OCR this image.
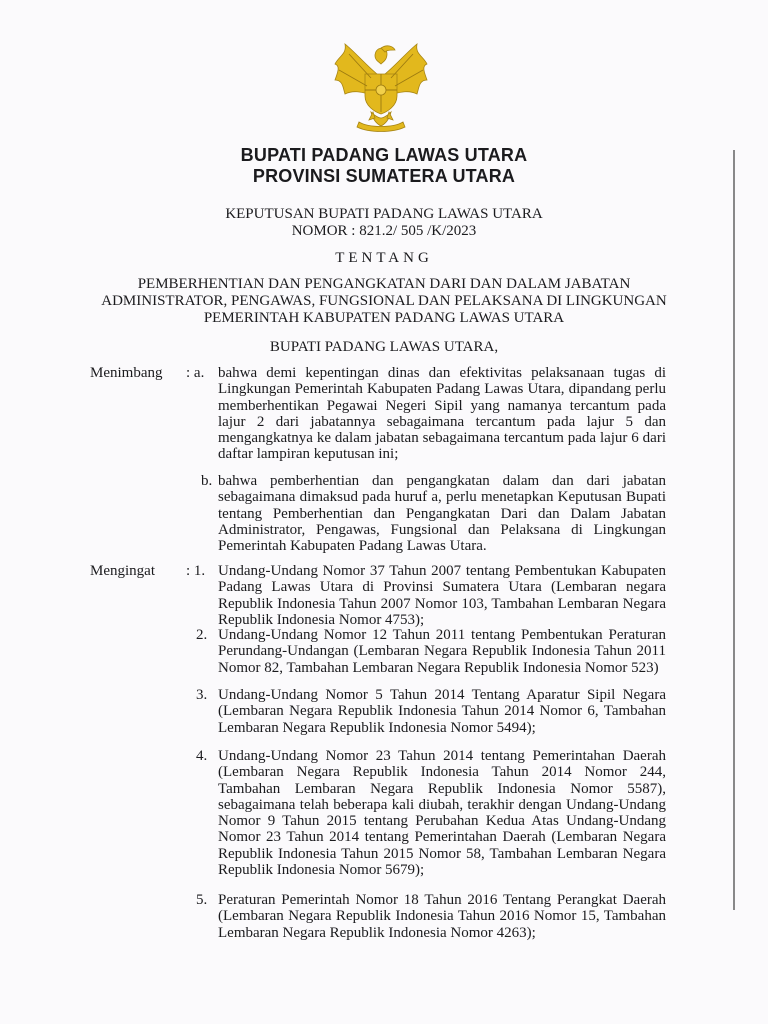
BUPATI PADANG LAWAS UTARA
PROVINSI SUMATERA UTARA
KEPUTUSAN BUPATI PADANG LAWAS UTARA
NOMOR : 821.2/ 505 /K/2023
TENTANG
PEMBERHENTIAN DAN PENGANGKATAN DARI DAN DALAM JABATAN
ADMINISTRATOR, PENGAWAS, FUNGSIONAL DAN PELAKSANA DI LINGKUNGAN
PEMERINTAH KABUPATEN PADANG LAWAS UTARA
BUPATI PADANG LAWAS UTARA,
Menimbang : a. bahwa demi kepentingan dinas dan efektivitas pelaksanaan tugas di Lingkungan Pemerintah Kabupaten Padang Lawas Utara, dipandang perlu memberhentikan Pegawai Negeri Sipil yang namanya tercantum pada lajur 2 dari jabatannya sebagaimana tercantum pada lajur 5 dan mengangkatnya ke dalam jabatan sebagaimana tercantum pada lajur 6 dari daftar lampiran keputusan ini;
b. bahwa pemberhentian dan pengangkatan dalam dan dari jabatan sebagaimana dimaksud pada huruf a, perlu menetapkan Keputusan Bupati tentang Pemberhentian dan Pengangkatan Dari dan Dalam Jabatan Administrator, Pengawas, Fungsional dan Pelaksana di Lingkungan Pemerintah Kabupaten Padang Lawas Utara.
Mengingat : 1. Undang-Undang Nomor 37 Tahun 2007 tentang Pembentukan Kabupaten Padang Lawas Utara di Provinsi Sumatera Utara (Lembaran negara Republik Indonesia Tahun 2007 Nomor 103, Tambahan Lembaran Negara Republik Indonesia Nomor 4753);
2. Undang-Undang Nomor 12 Tahun 2011 tentang Pembentukan Peraturan Perundang-Undangan (Lembaran Negara Republik Indonesia Tahun 2011 Nomor 82, Tambahan Lembaran Negara Republik Indonesia Nomor 523)
3. Undang-Undang Nomor 5 Tahun 2014 Tentang Aparatur Sipil Negara (Lembaran Negara Republik Indonesia Tahun 2014 Nomor 6, Tambahan Lembaran Negara Republik Indonesia Nomor 5494);
4. Undang-Undang Nomor 23 Tahun 2014 tentang Pemerintahan Daerah (Lembaran Negara Republik Indonesia Tahun 2014 Nomor 244, Tambahan Lembaran Negara Republik Indonesia Nomor 5587), sebagaimana telah beberapa kali diubah, terakhir dengan Undang-Undang Nomor 9 Tahun 2015 tentang Perubahan Kedua Atas Undang-Undang Nomor 23 Tahun 2014 tentang Pemerintahan Daerah (Lembaran Negara Republik Indonesia Tahun 2015 Nomor 58, Tambahan Lembaran Negara Republik Indonesia Nomor 5679);
5. Peraturan Pemerintah Nomor 18 Tahun 2016 Tentang Perangkat Daerah (Lembaran Negara Republik Indonesia Tahun 2016 Nomor 15, Tambahan Lembaran Negara Republik Indonesia Nomor 4263);
